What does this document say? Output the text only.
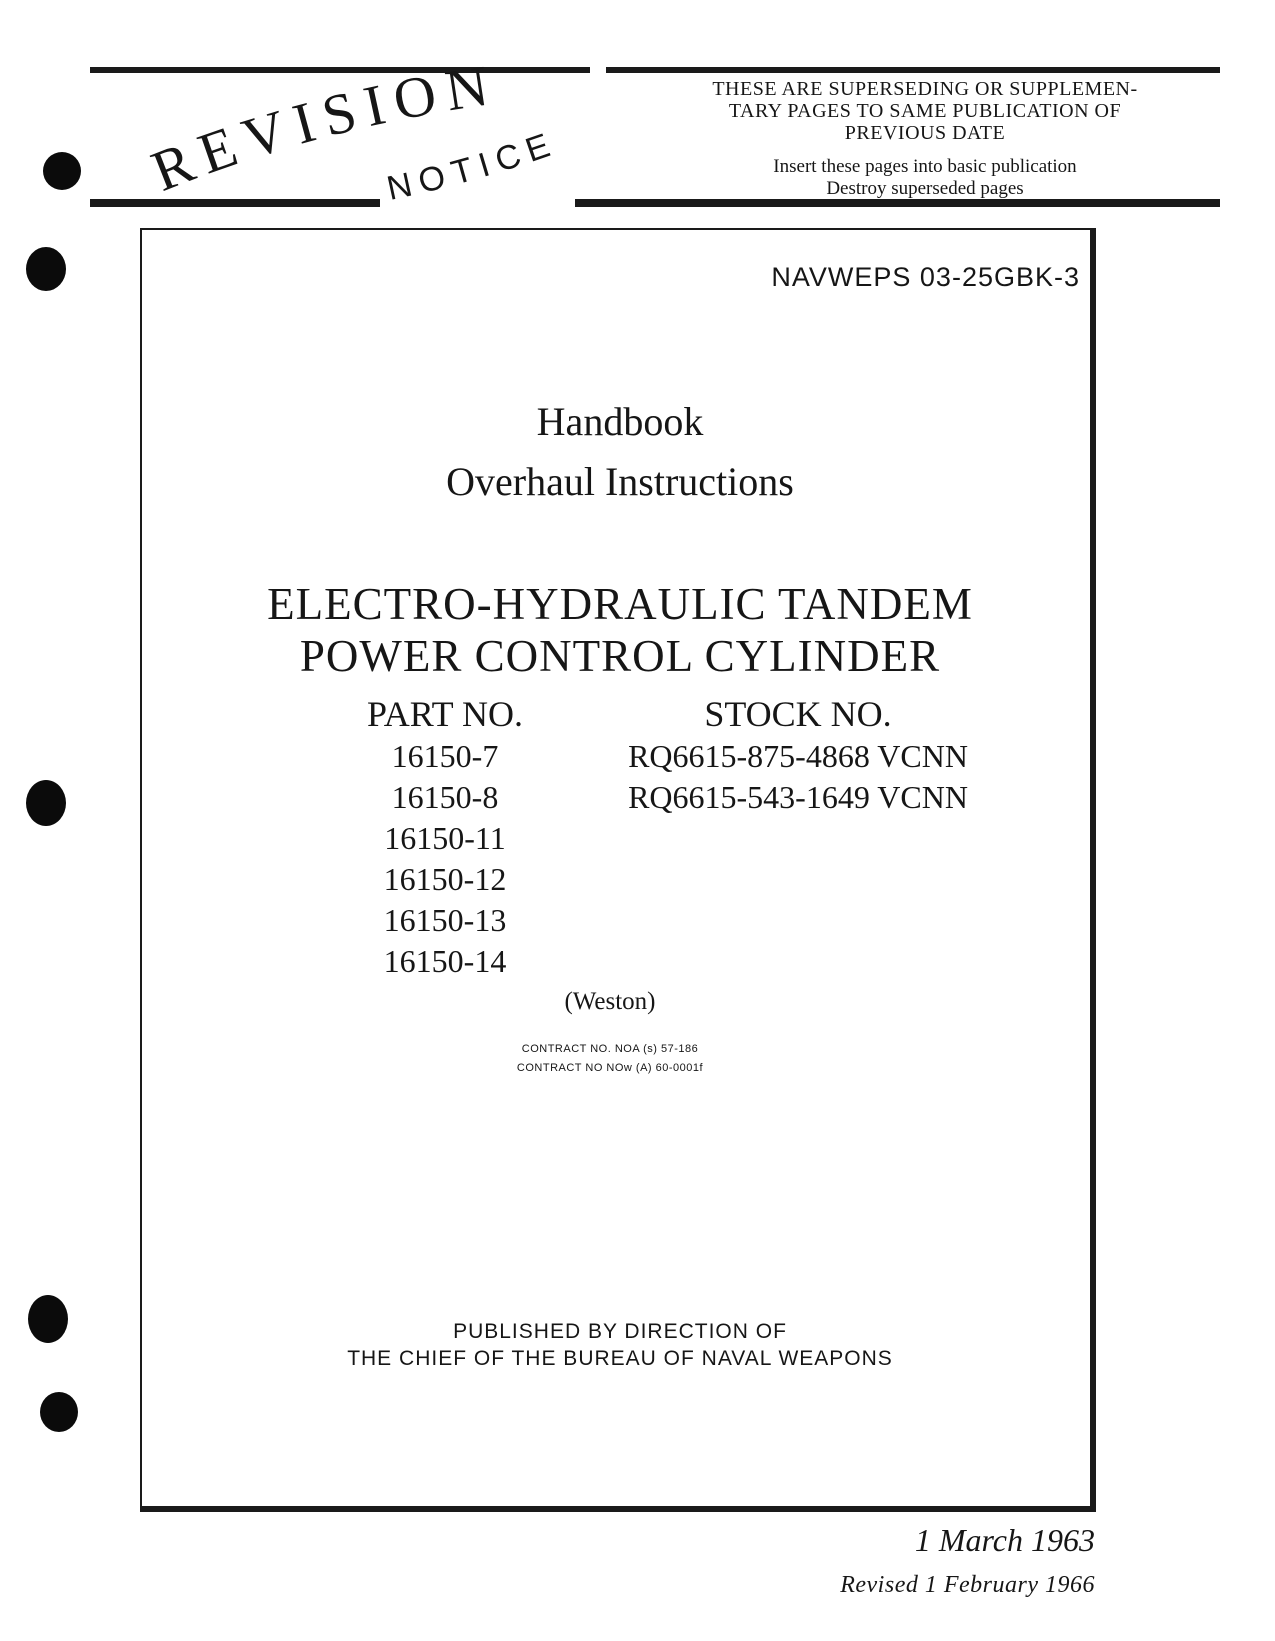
REVISION
NOTICE
THESE ARE SUPERSEDING OR SUPPLEMEN-
TARY PAGES TO SAME PUBLICATION OF
PREVIOUS DATE
Insert these pages into basic publication
Destroy superseded pages
NAVWEPS 03-25GBK-3
Handbook
Overhaul Instructions
ELECTRO-HYDRAULIC TANDEM
POWER CONTROL CYLINDER
PART NO.
16150-7
16150-8
16150-11
16150-12
16150-13
16150-14
STOCK NO.
RQ6615-875-4868 VCNN
RQ6615-543-1649 VCNN
(Weston)
CONTRACT NO. NOA (s) 57-186
CONTRACT NO NOw (A) 60-0001f
PUBLISHED BY DIRECTION OF
THE CHIEF OF THE BUREAU OF NAVAL WEAPONS
1 March 1963
Revised 1 February 1966
